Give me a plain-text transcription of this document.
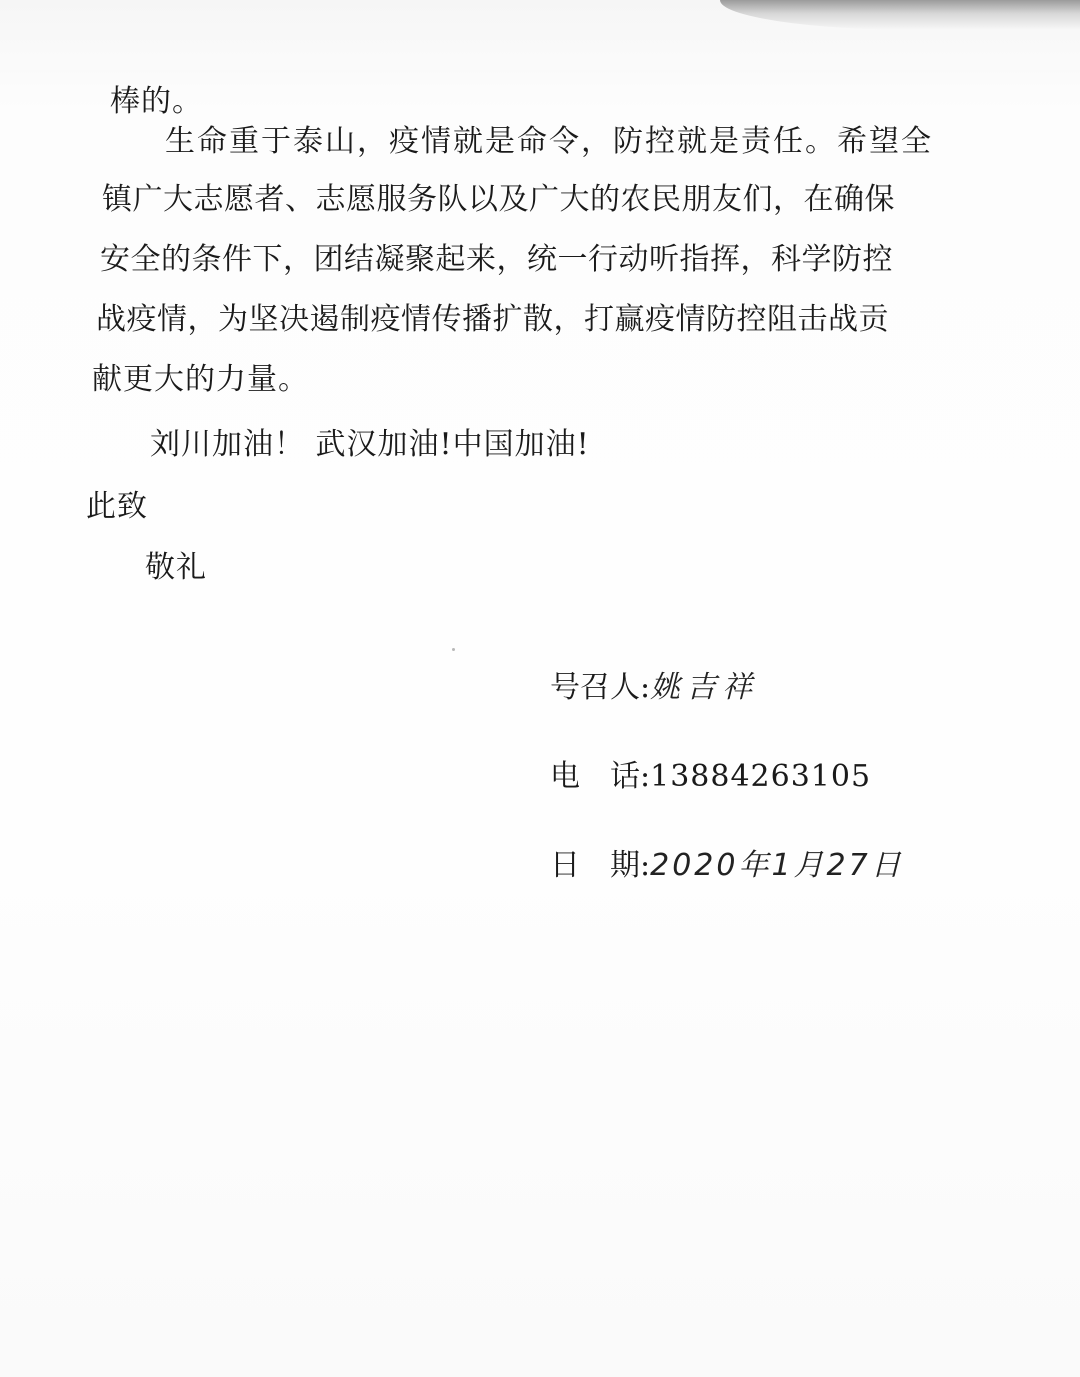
棒的。
生命重于泰山，疫情就是命令，防控就是责任。希望全
镇广大志愿者、志愿服务队以及广大的农民朋友们，在确保
安全的条件下，团结凝聚起来，统一行动听指挥，科学防控
战疫情，为坚决遏制疫情传播扩散，打赢疫情防控阻击战贡
献更大的力量。
刘川加油！ 武汉加油!中国加油!
此致
敬礼
号召人:姚吉祥
电　话:13884263105
日　期:2020年1月27日
